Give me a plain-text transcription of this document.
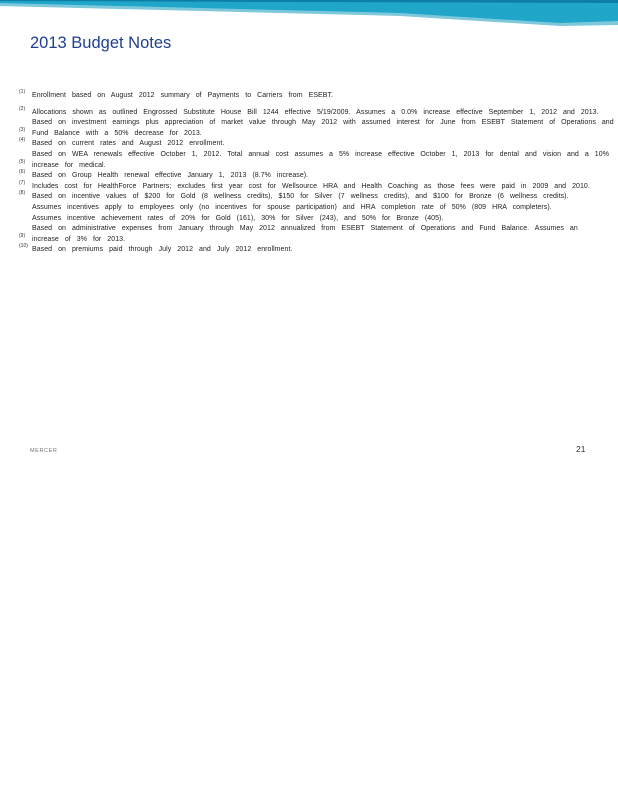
2013 Budget Notes
(1) Enrollment based on August 2012 summary of Payments to Carriers from ESEBT.
(2) Allocations shown as outlined Engrossed Substitute House Bill 1244 effective 5/19/2009. Assumes a 0.0% increase effective September 1, 2012 and 2013.
Based on investment earnings plus appreciation of market value through May 2012 with assumed interest for June from ESEBT Statement of Operations and
(3) Fund Balance with a 50% decrease for 2013.
(4) Based on current rates and August 2012 enrollment.
Based on WEA renewals effective October 1, 2012. Total annual cost assumes a 5% increase effective October 1, 2013 for dental and vision and a 10%
(5) increase for medical.
(6) Based on Group Health renewal effective January 1, 2013 (8.7% increase).
(7) Includes cost for HealthForce Partners; excludes first year cost for Wellsource HRA and Health Coaching as those fees were paid in 2009 and 2010.
(8) Based on incentive values of $200 for Gold (8 wellness credits), $150 for Silver (7 wellness credits), and $100 for Bronze (6 wellness credits).
Assumes incentives apply to employees only (no incentives for spouse participation) and HRA completion rate of 50% (809 HRA completers).
Assumes incentive achievement rates of 20% for Gold (161), 30% for Silver (243), and 50% for Bronze (405).
Based on administrative expenses from January through May 2012 annualized from ESEBT Statement of Operations and Fund Balance. Assumes an
(9) increase of 3% for 2013.
(10) Based on premiums paid through July 2012 and July 2012 enrollment.
MERCER	21
